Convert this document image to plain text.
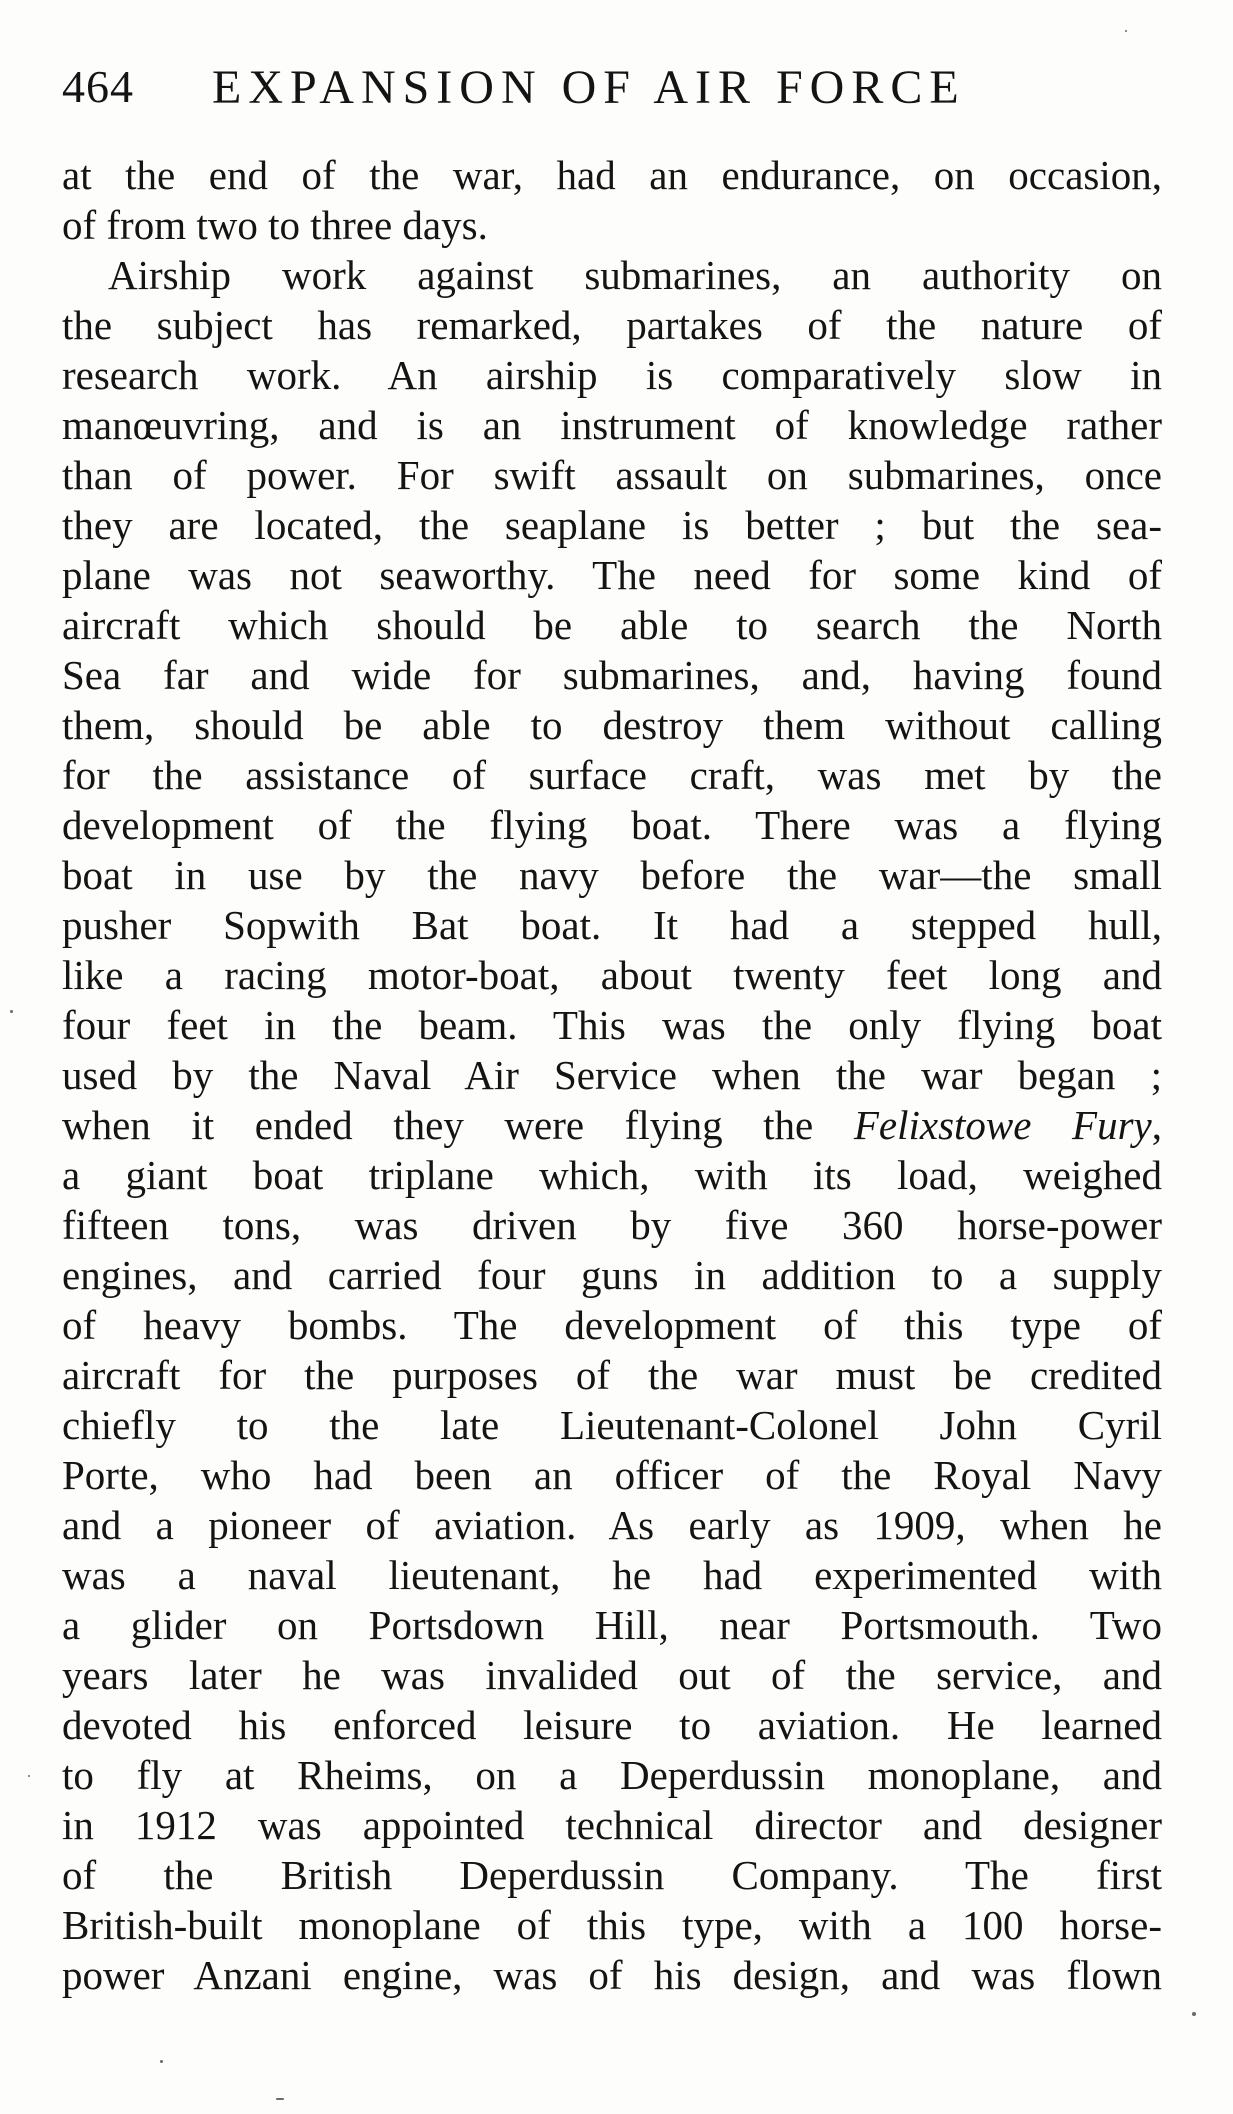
464 EXPANSION OF AIR FORCE
at the end of the war, had an endurance, on occasion,
of from two to three days.
Airship work against submarines, an authority on
the subject has remarked, partakes of the nature of
research work. An airship is comparatively slow in
manœuvring, and is an instrument of knowledge rather
than of power. For swift assault on submarines, once
they are located, the seaplane is better ; but the sea-
plane was not seaworthy. The need for some kind of
aircraft which should be able to search the North
Sea far and wide for submarines, and, having found
them, should be able to destroy them without calling
for the assistance of surface craft, was met by the
development of the flying boat. There was a flying
boat in use by the navy before the war—the small
pusher Sopwith Bat boat. It had a stepped hull,
like a racing motor-boat, about twenty feet long and
four feet in the beam. This was the only flying boat
used by the Naval Air Service when the war began ;
when it ended they were flying the Felixstowe Fury,
a giant boat triplane which, with its load, weighed
fifteen tons, was driven by five 360 horse-power
engines, and carried four guns in addition to a supply
of heavy bombs. The development of this type of
aircraft for the purposes of the war must be credited
chiefly to the late Lieutenant-Colonel John Cyril
Porte, who had been an officer of the Royal Navy
and a pioneer of aviation. As early as 1909, when he
was a naval lieutenant, he had experimented with
a glider on Portsdown Hill, near Portsmouth. Two
years later he was invalided out of the service, and
devoted his enforced leisure to aviation. He learned
to fly at Rheims, on a Deperdussin monoplane, and
in 1912 was appointed technical director and designer
of the British Deperdussin Company. The first
British-built monoplane of this type, with a 100 horse-
power Anzani engine, was of his design, and was flown
